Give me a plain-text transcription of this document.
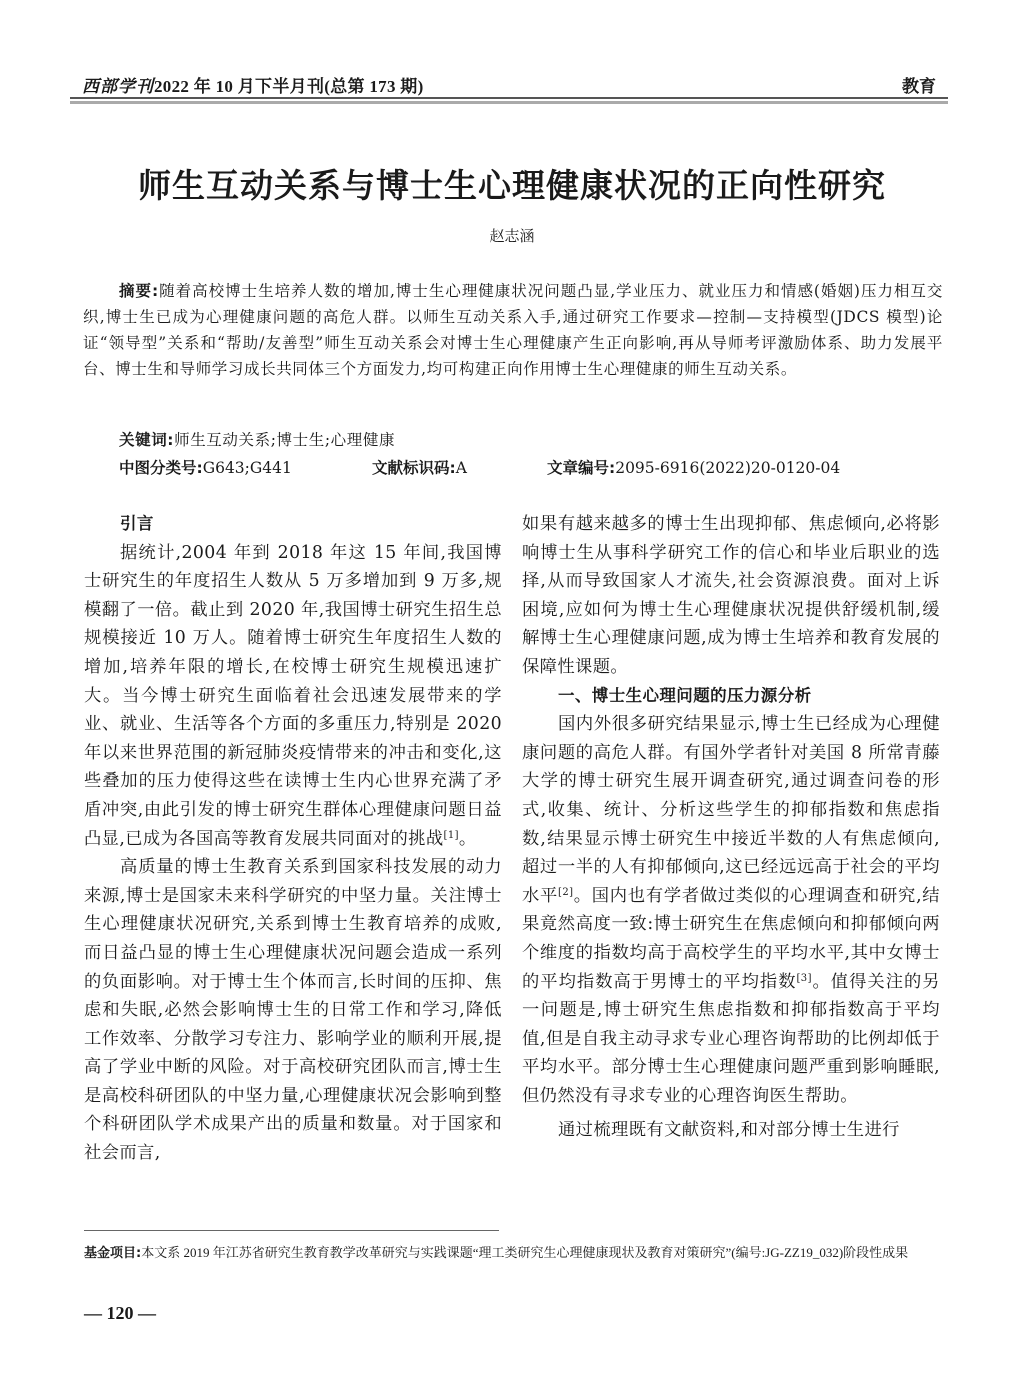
西部学刊2022 年 10 月下半月刊(总第 173 期)	教育
师生互动关系与博士生心理健康状况的正向性研究
赵志涵
摘要:随着高校博士生培养人数的增加,博士生心理健康状况问题凸显,学业压力、就业压力和情感(婚姻)压力相互交织,博士生已成为心理健康问题的高危人群。以师生互动关系入手,通过研究工作要求—控制—支持模型(JDCS 模型)论证“领导型”关系和“帮助/友善型”师生互动关系会对博士生心理健康产生正向影响,再从导师考评激励体系、助力发展平台、博士生和导师学习成长共同体三个方面发力,均可构建正向作用博士生心理健康的师生互动关系。
关键词:师生互动关系;博士生;心理健康
中图分类号:G643;G441	文献标识码:A	文章编号:2095-6916(2022)20-0120-04
引言

据统计,2004 年到 2018 年这 15 年间,我国博士研究生的年度招生人数从 5 万多增加到 9 万多,规模翻了一倍。截止到 2020 年,我国博士研究生招生总规模接近 10 万人。随着博士研究生年度招生人数的增加,培养年限的增长,在校博士研究生规模迅速扩大。当今博士研究生面临着社会迅速发展带来的学业、就业、生活等各个方面的多重压力,特别是 2020 年以来世界范围的新冠肺炎疫情带来的冲击和变化,这些叠加的压力使得这些在读博士生内心世界充满了矛盾冲突,由此引发的博士研究生群体心理健康问题日益凸显,已成为各国高等教育发展共同面对的挑战[1]。

高质量的博士生教育关系到国家科技发展的动力来源,博士是国家未来科学研究的中坚力量。关注博士生心理健康状况研究,关系到博士生教育培养的成败,而日益凸显的博士生心理健康状况问题会造成一系列的负面影响。对于博士生个体而言,长时间的压抑、焦虑和失眠,必然会影响博士生的日常工作和学习,降低工作效率、分散学习专注力、影响学业的顺利开展,提高了学业中断的风险。对于高校研究团队而言,博士生是高校科研团队的中坚力量,心理健康状况会影响到整个科研团队学术成果产出的质量和数量。对于国家和社会而言,

如果有越来越多的博士生出现抑郁、焦虑倾向,必将影响博士生从事科学研究工作的信心和毕业后职业的选择,从而导致国家人才流失,社会资源浪费。面对上诉困境,应如何为博士生心理健康状况提供舒缓机制,缓解博士生心理健康问题,成为博士生培养和教育发展的保障性课题。

一、博士生心理问题的压力源分析

国内外很多研究结果显示,博士生已经成为心理健康问题的高危人群。有国外学者针对美国 8 所常青藤大学的博士研究生展开调查研究,通过调查问卷的形式,收集、统计、分析这些学生的抑郁指数和焦虑指数,结果显示博士研究生中接近半数的人有焦虑倾向,超过一半的人有抑郁倾向,这已经远远高于社会的平均水平[2]。国内也有学者做过类似的心理调查和研究,结果竟然高度一致:博士研究生在焦虑倾向和抑郁倾向两个维度的指数均高于高校学生的平均水平,其中女博士的平均指数高于男博士的平均指数[3]。值得关注的另一问题是,博士研究生焦虑指数和抑郁指数高于平均值,但是自我主动寻求专业心理咨询帮助的比例却低于平均水平。部分博士生心理健康问题严重到影响睡眠,但仍然没有寻求专业的心理咨询医生帮助。

通过梳理既有文献资料,和对部分博士生进行

基金项目:本文系 2019 年江苏省研究生教育教学改革研究与实践课题“理工类研究生心理健康现状及教育对策研究”(编号:JG-ZZ19_032)阶段性成果
— 120 —
